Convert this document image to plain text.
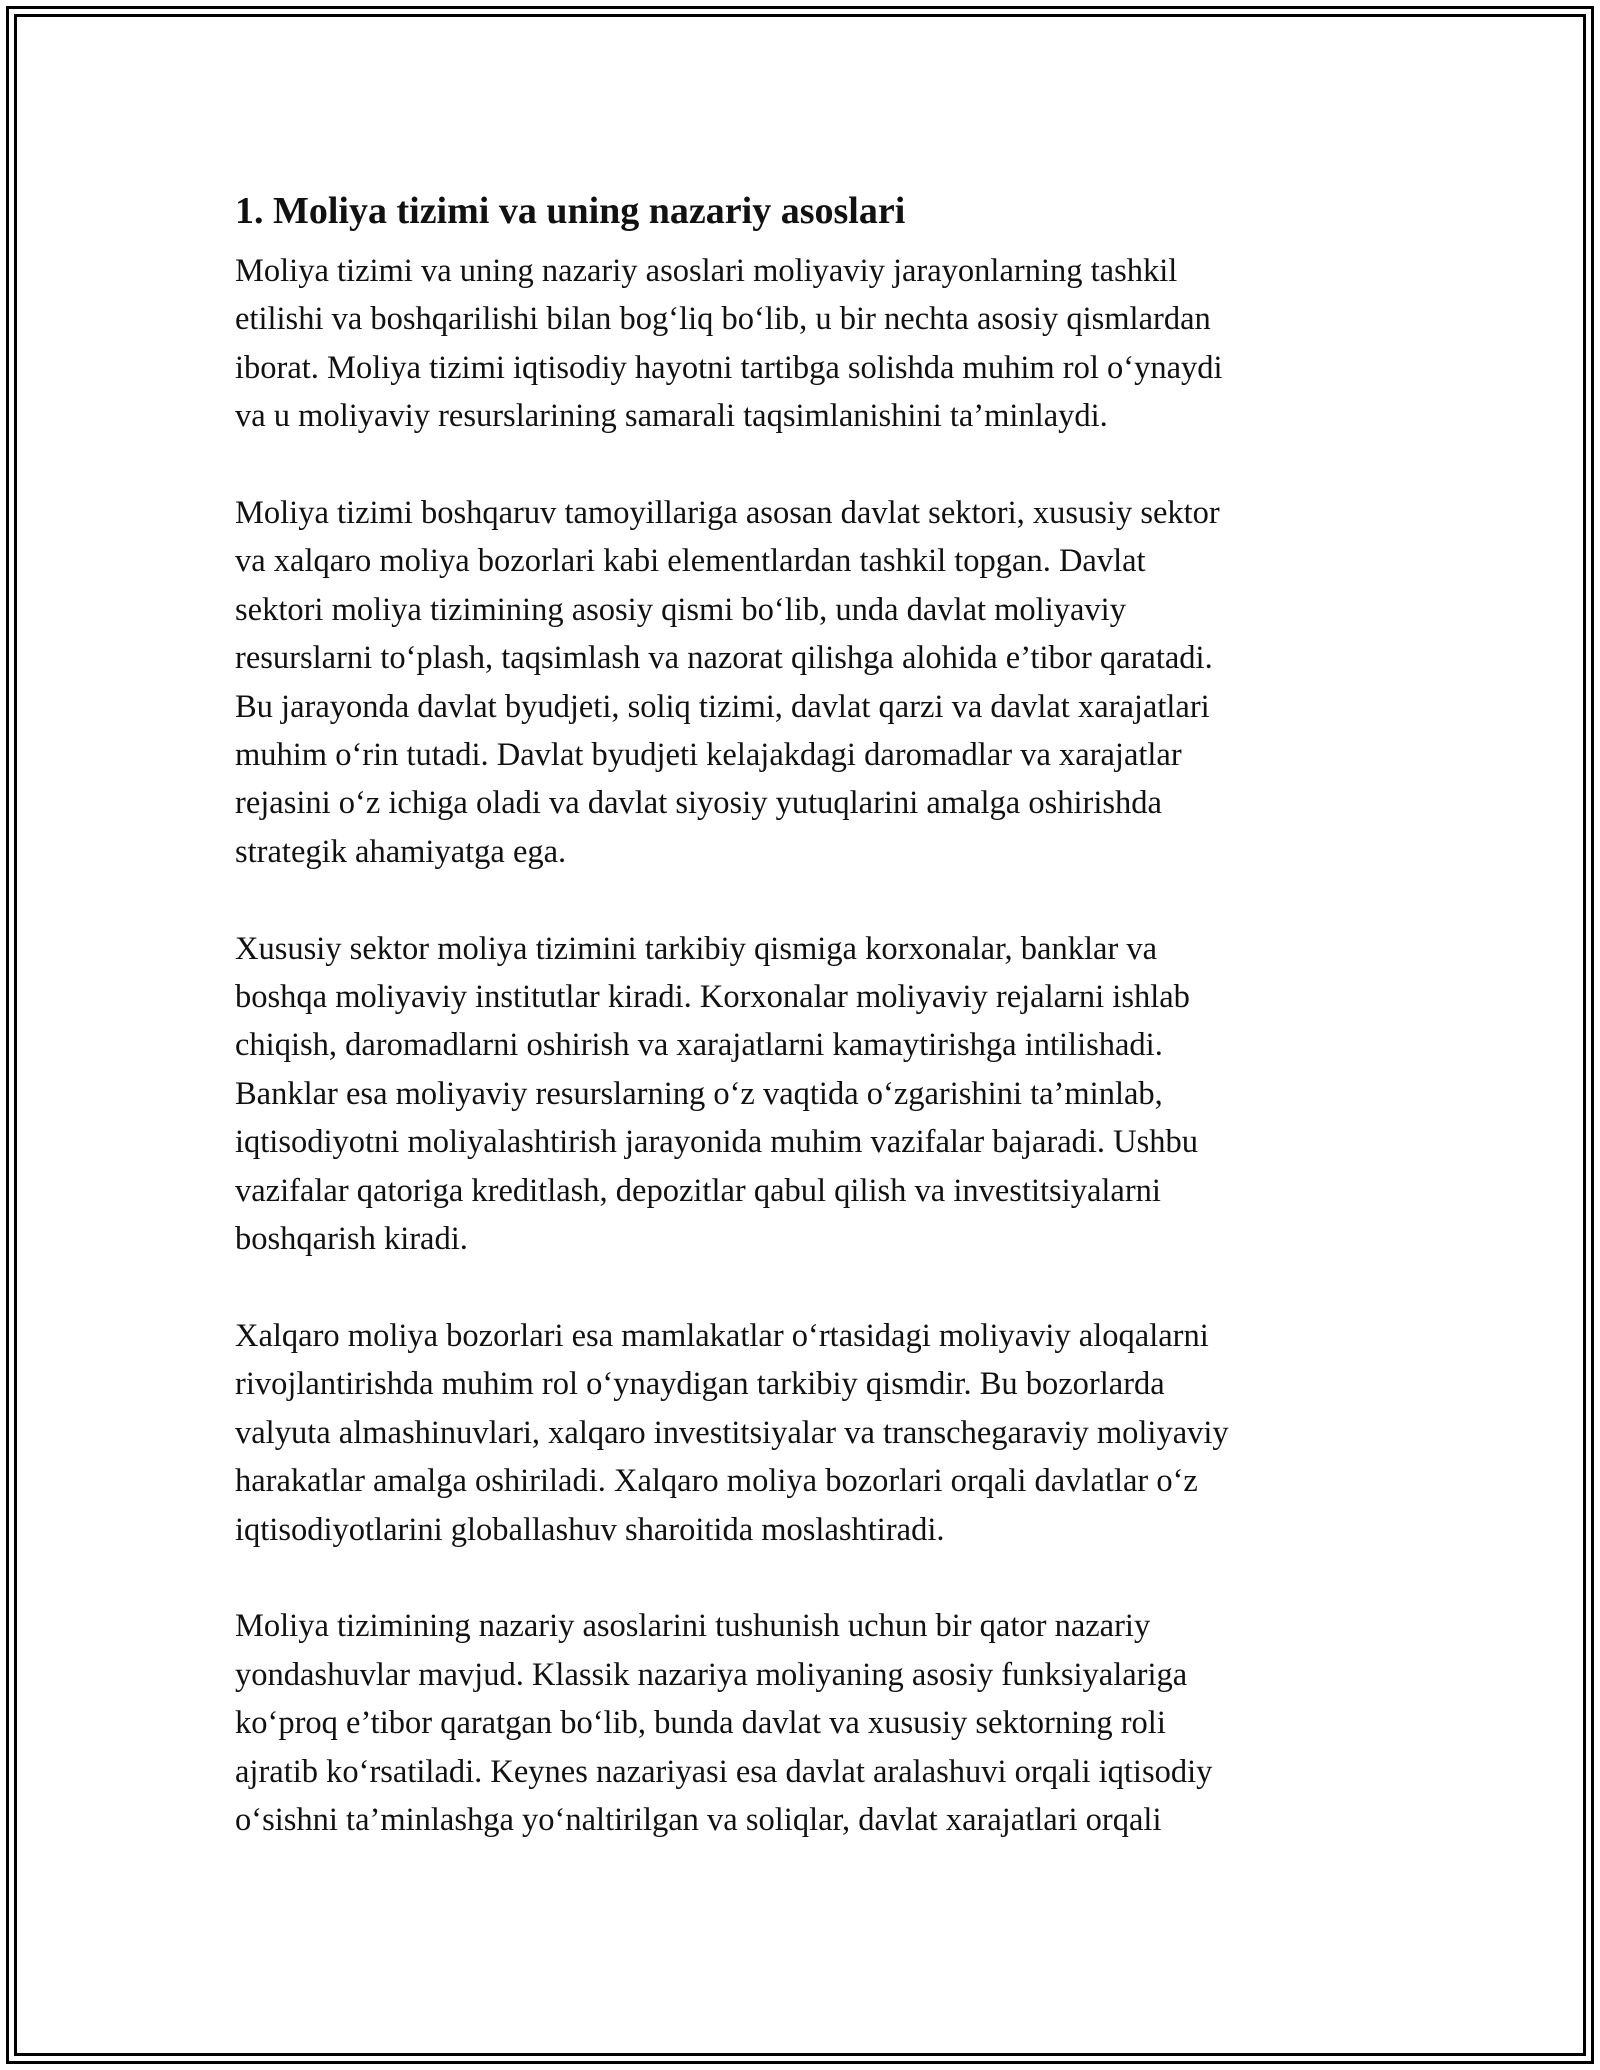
1. Moliya tizimi va uning nazariy asoslari

Moliya tizimi va uning nazariy asoslari moliyaviy jarayonlarning tashkil
etilishi va boshqarilishi bilan bog‘liq bo‘lib, u bir nechta asosiy qismlardan
iborat. Moliya tizimi iqtisodiy hayotni tartibga solishda muhim rol o‘ynaydi
va u moliyaviy resurslarining samarali taqsimlanishini ta’minlaydi.

Moliya tizimi boshqaruv tamoyillariga asosan davlat sektori, xususiy sektor
va xalqaro moliya bozorlari kabi elementlardan tashkil topgan. Davlat
sektori moliya tizimining asosiy qismi bo‘lib, unda davlat moliyaviy
resurslarni to‘plash, taqsimlash va nazorat qilishga alohida e’tibor qaratadi.
Bu jarayonda davlat byudjeti, soliq tizimi, davlat qarzi va davlat xarajatlari
muhim o‘rin tutadi. Davlat byudjeti kelajakdagi daromadlar va xarajatlar
rejasini o‘z ichiga oladi va davlat siyosiy yutuqlarini amalga oshirishda
strategik ahamiyatga ega.

Xususiy sektor moliya tizimini tarkibiy qismiga korxonalar, banklar va
boshqa moliyaviy institutlar kiradi. Korxonalar moliyaviy rejalarni ishlab
chiqish, daromadlarni oshirish va xarajatlarni kamaytirishga intilishadi.
Banklar esa moliyaviy resurslarning o‘z vaqtida o‘zgarishini ta’minlab,
iqtisodiyotni moliyalashtirish jarayonida muhim vazifalar bajaradi. Ushbu
vazifalar qatoriga kreditlash, depozitlar qabul qilish va investitsiyalarni
boshqarish kiradi.

Xalqaro moliya bozorlari esa mamlakatlar o‘rtasidagi moliyaviy aloqalarni
rivojlantirishda muhim rol o‘ynaydigan tarkibiy qismdir. Bu bozorlarda
valyuta almashinuvlari, xalqaro investitsiyalar va transchegaraviy moliyaviy
harakatlar amalga oshiriladi. Xalqaro moliya bozorlari orqali davlatlar o‘z
iqtisodiyotlarini globallashuv sharoitida moslashtiradi.

Moliya tizimining nazariy asoslarini tushunish uchun bir qator nazariy
yondashuvlar mavjud. Klassik nazariya moliyaning asosiy funksiyalariga
ko‘proq e’tibor qaratgan bo‘lib, bunda davlat va xususiy sektorning roli
ajratib ko‘rsatiladi. Keynes nazariyasi esa davlat aralashuvi orqali iqtisodiy
o‘sishni ta’minlashga yo‘naltirilgan va soliqlar, davlat xarajatlari orqali
